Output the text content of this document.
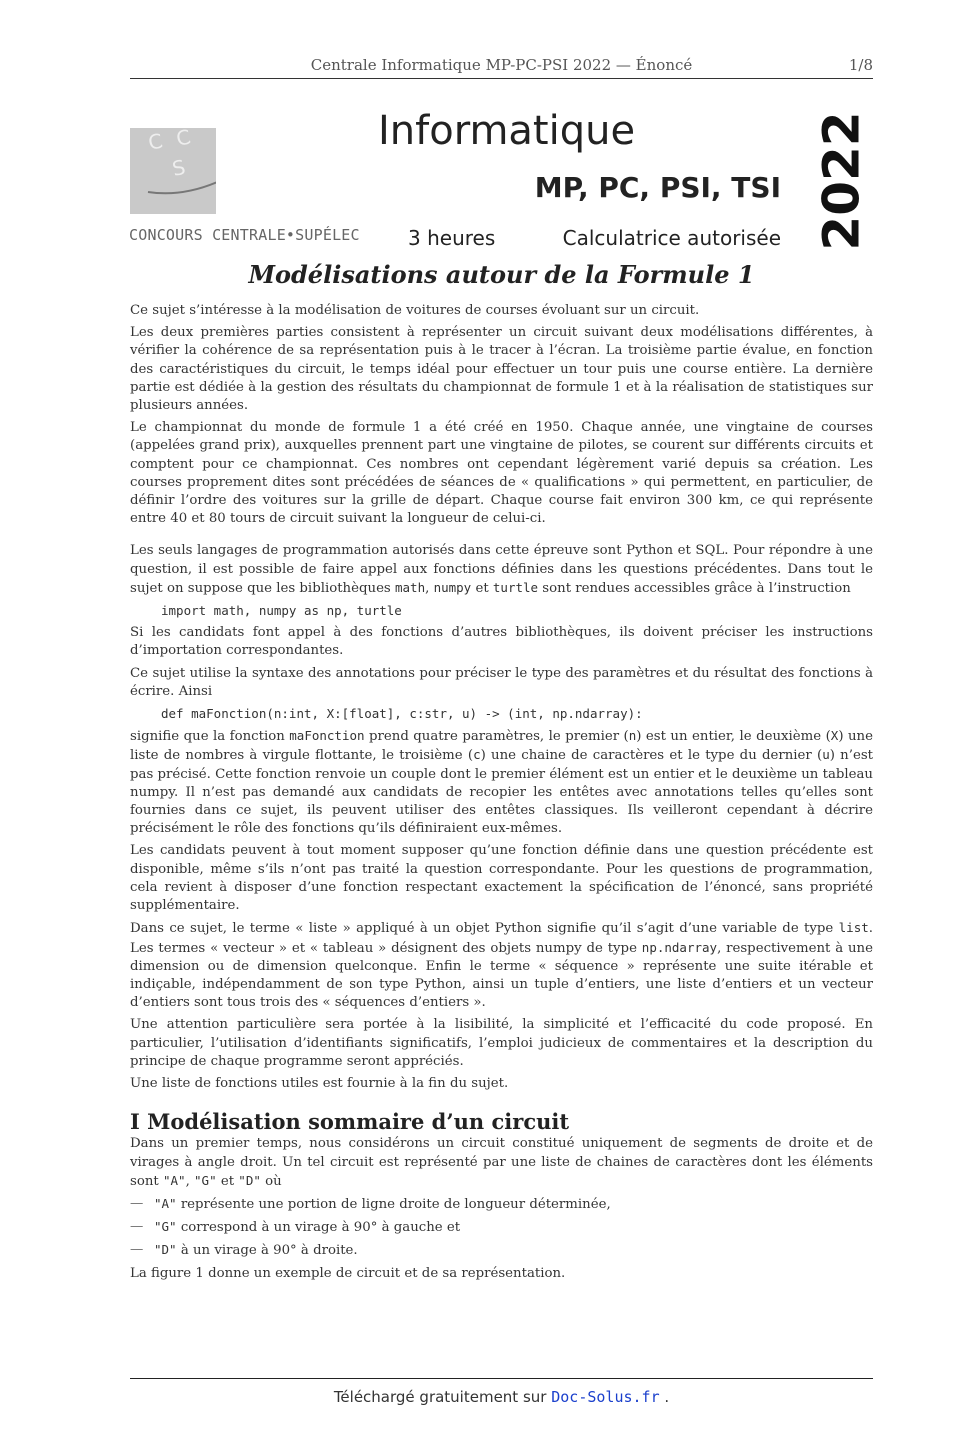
Centrale Informatique MP-PC-PSI 2022 — Énoncé	1/8
C C
S
CONCOURS CENTRALE•SUPÉLEC
Informatique
MP, PC, PSI, TSI
3 heures	Calculatrice autorisée 2022
Modélisations autour de la Formule 1

Ce sujet s’intéresse à la modélisation de voitures de courses évoluant sur un circuit.

Les deux premières parties consistent à représenter un circuit suivant deux modélisations différentes, à vérifier la cohérence de sa représentation puis à le tracer à l’écran. La troisième partie évalue, en fonction des caractéristiques du circuit, le temps idéal pour effectuer un tour puis une course entière. La dernière partie est dédiée à la gestion des résultats du championnat de formule 1 et à la réalisation de statistiques sur plusieurs années.

Le championnat du monde de formule 1 a été créé en 1950. Chaque année, une vingtaine de courses (appelées grand prix), auxquelles prennent part une vingtaine de pilotes, se courent sur différents circuits et comptent pour ce championnat. Ces nombres ont cependant légèrement varié depuis sa création. Les courses proprement dites sont précédées de séances de « qualifications » qui permettent, en particulier, de définir l’ordre des voitures sur la grille de départ. Chaque course fait environ 300 km, ce qui représente entre 40 et 80 tours de circuit suivant la longueur de celui-ci.

Les seuls langages de programmation autorisés dans cette épreuve sont Python et SQL. Pour répondre à une question, il est possible de faire appel aux fonctions définies dans les questions précédentes. Dans tout le sujet on suppose que les bibliothèques math, numpy et turtle sont rendues accessibles grâce à l’instruction

import math, numpy as np, turtle

Si les candidats font appel à des fonctions d’autres bibliothèques, ils doivent préciser les instructions d’importation correspondantes.

Ce sujet utilise la syntaxe des annotations pour préciser le type des paramètres et du résultat des fonctions à écrire. Ainsi

def maFonction(n:int, X:[float], c:str, u) -> (int, np.ndarray):

signifie que la fonction maFonction prend quatre paramètres, le premier (n) est un entier, le deuxième (X) une liste de nombres à virgule flottante, le troisième (c) une chaine de caractères et le type du dernier (u) n’est pas précisé. Cette fonction renvoie un couple dont le premier élément est un entier et le deuxième un tableau numpy. Il n’est pas demandé aux candidats de recopier les entêtes avec annotations telles qu’elles sont fournies dans ce sujet, ils peuvent utiliser des entêtes classiques. Ils veilleront cependant à décrire précisément le rôle des fonctions qu’ils définiraient eux-mêmes.

Les candidats peuvent à tout moment supposer qu’une fonction définie dans une question précédente est disponible, même s’ils n’ont pas traité la question correspondante. Pour les questions de programmation, cela revient à disposer d’une fonction respectant exactement la spécification de l’énoncé, sans propriété supplémentaire.

Dans ce sujet, le terme « liste » appliqué à un objet Python signifie qu’il s’agit d’une variable de type list. Les termes « vecteur » et « tableau » désignent des objets numpy de type np.ndarray, respectivement à une dimension ou de dimension quelconque. Enfin le terme « séquence » représente une suite itérable et indiçable, indépendamment de son type Python, ainsi un tuple d’entiers, une liste d’entiers et un vecteur d’entiers sont tous trois des « séquences d’entiers ».

Une attention particulière sera portée à la lisibilité, la simplicité et l’efficacité du code proposé. En particulier, l’utilisation d’identifiants significatifs, l’emploi judicieux de commentaires et la description du principe de chaque programme seront appréciés.

Une liste de fonctions utiles est fournie à la fin du sujet.

I Modélisation sommaire d’un circuit

Dans un premier temps, nous considérons un circuit constitué uniquement de segments de droite et de virages à angle droit. Un tel circuit est représenté par une liste de chaines de caractères dont les éléments sont "A", "G" et "D" où

— "A" représente une portion de ligne droite de longueur déterminée,
— "G" correspond à un virage à 90° à gauche et
— "D" à un virage à 90° à droite.

La figure 1 donne un exemple de circuit et de sa représentation.

Téléchargé gratuitement sur Doc-Solus.fr .
